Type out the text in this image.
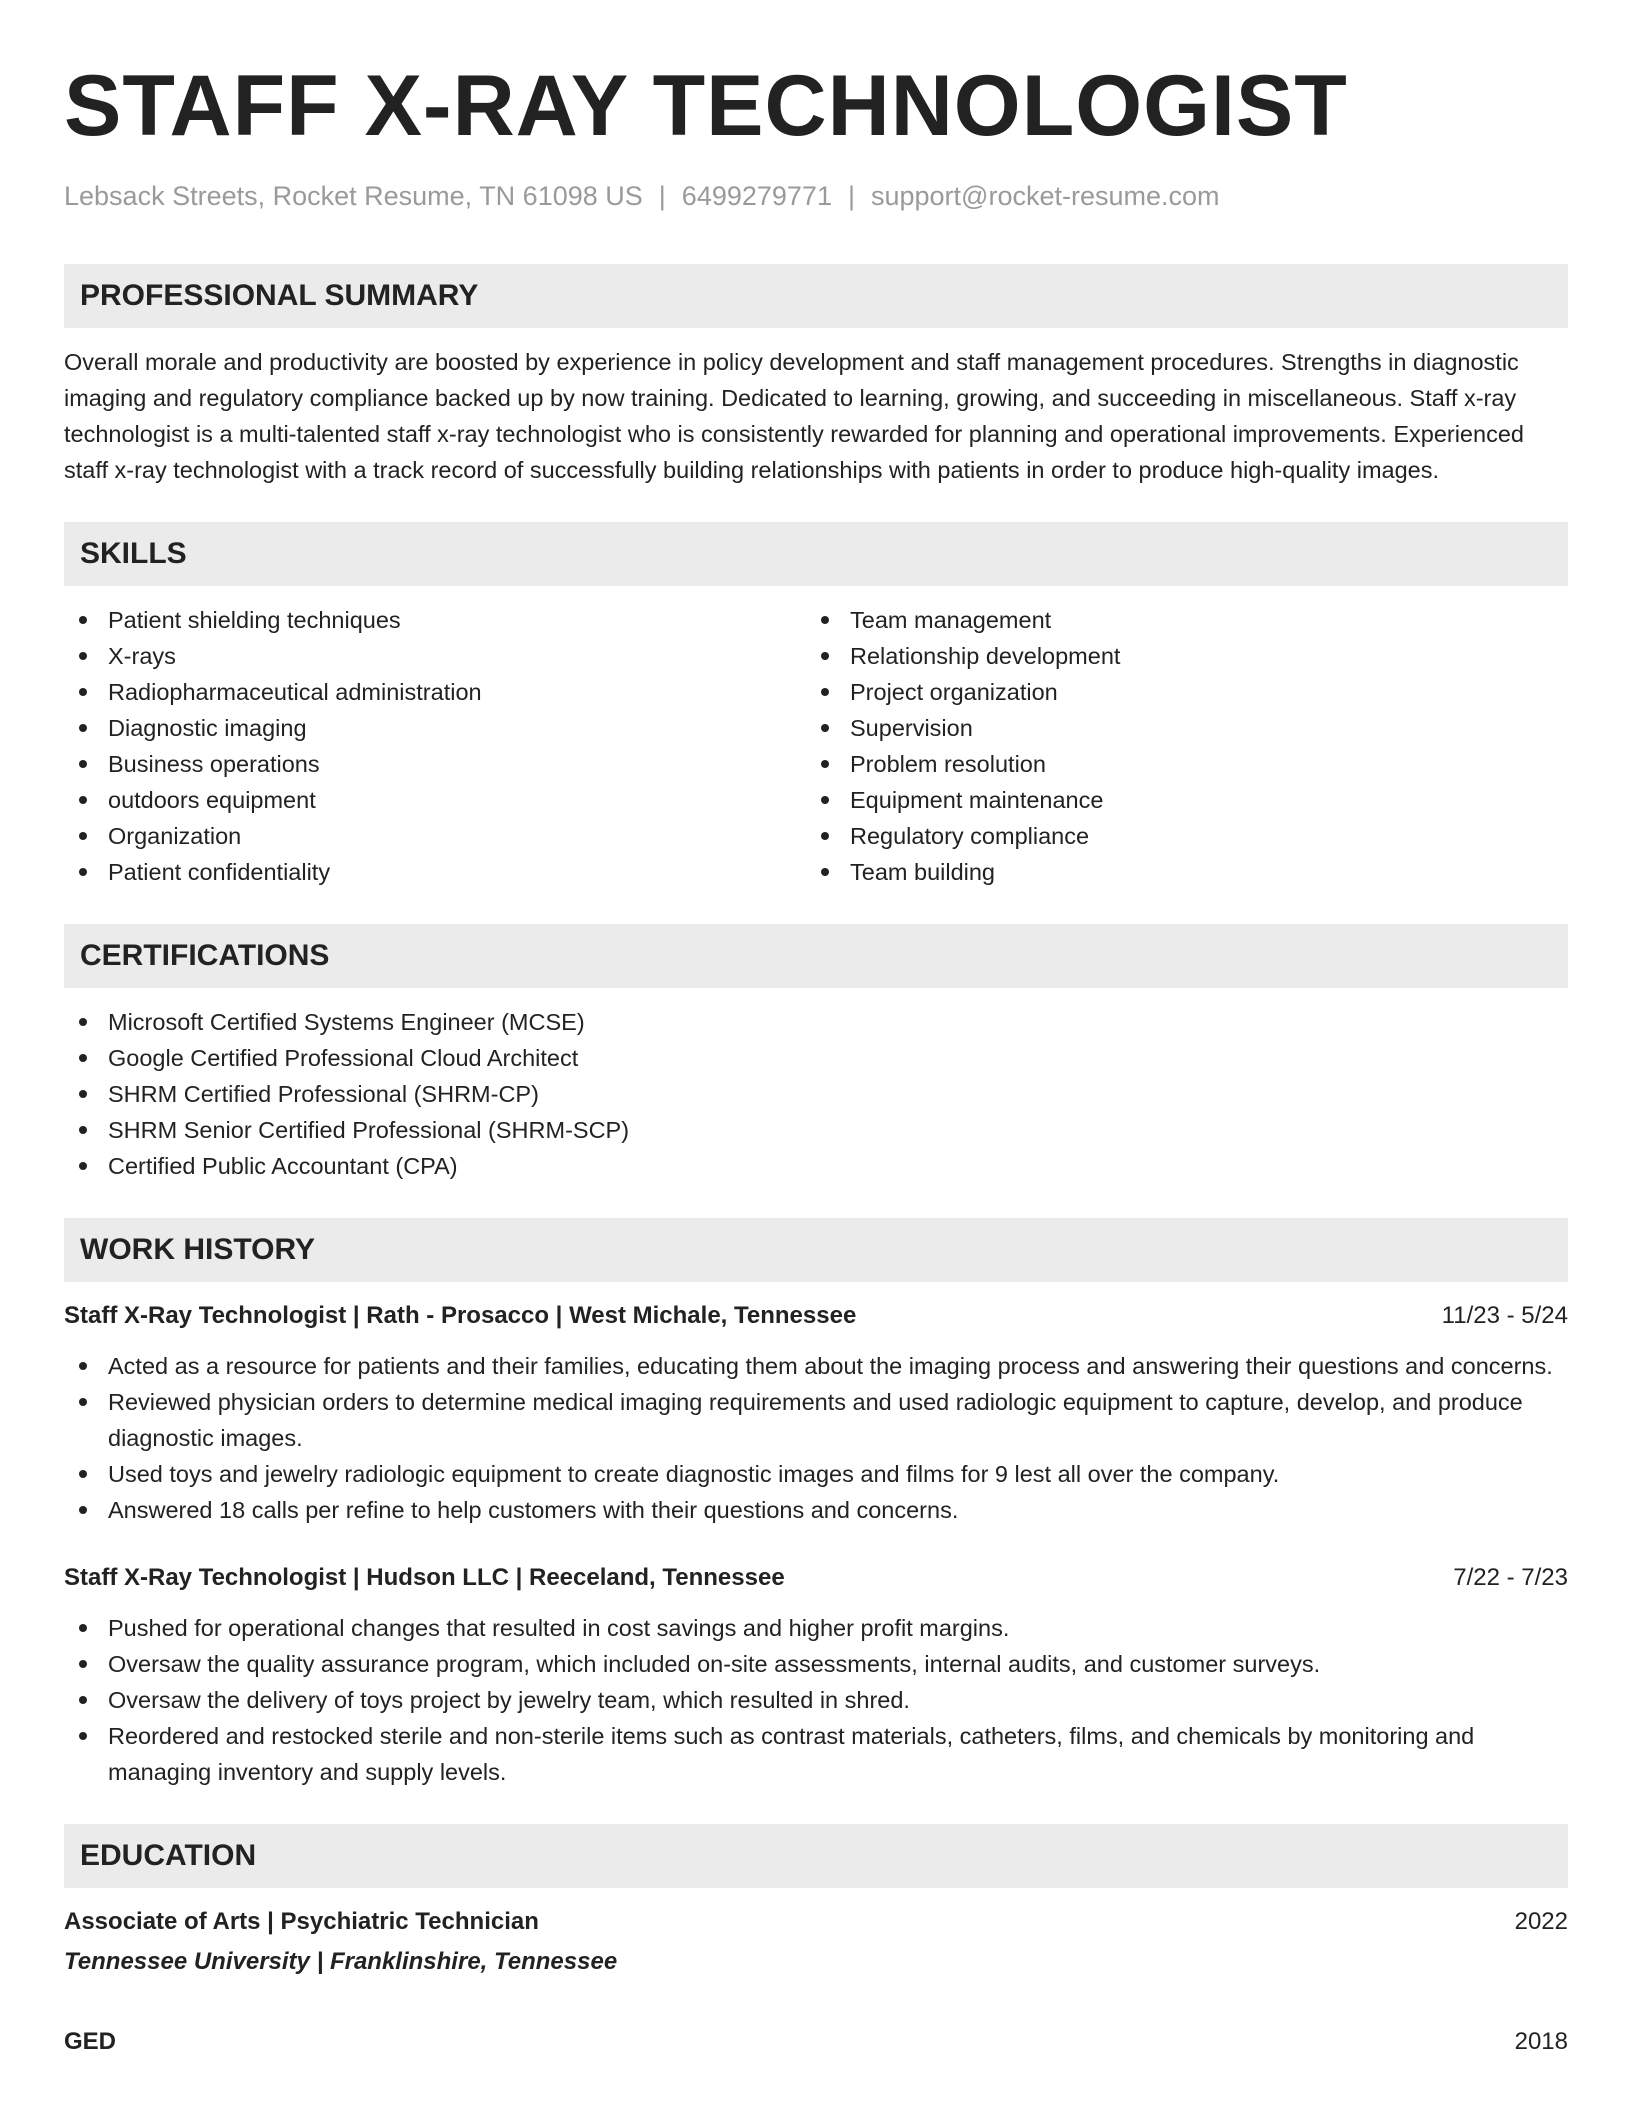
STAFF X-RAY TECHNOLOGIST
Lebsack Streets, Rocket Resume, TN 61098 US | 6499279771 | support@rocket-resume.com
PROFESSIONAL SUMMARY

Overall morale and productivity are boosted by experience in policy development and staff management procedures. Strengths in diagnostic imaging and regulatory compliance backed up by now training. Dedicated to learning, growing, and succeeding in miscellaneous. Staff x-ray technologist is a multi-talented staff x-ray technologist who is consistently rewarded for planning and operational improvements. Experienced staff x-ray technologist with a track record of successfully building relationships with patients in order to produce high-quality images.

SKILLS
Patient shielding techniques
X-rays
Radiopharmaceutical administration
Diagnostic imaging
Business operations
outdoors equipment
Organization
Patient confidentiality
Team management
Relationship development
Project organization
Supervision
Problem resolution
Equipment maintenance
Regulatory compliance
Team building
CERTIFICATIONS
Microsoft Certified Systems Engineer (MCSE)
Google Certified Professional Cloud Architect
SHRM Certified Professional (SHRM-CP)
SHRM Senior Certified Professional (SHRM-SCP)
Certified Public Accountant (CPA)
WORK HISTORY
Staff X-Ray Technologist | Rath - Prosacco | West Michale, Tennessee	11/23 - 5/24
Acted as a resource for patients and their families, educating them about the imaging process and answering their questions and concerns.
Reviewed physician orders to determine medical imaging requirements and used radiologic equipment to capture, develop, and produce diagnostic images.
Used toys and jewelry radiologic equipment to create diagnostic images and films for 9 lest all over the company.
Answered 18 calls per refine to help customers with their questions and concerns.
Staff X-Ray Technologist | Hudson LLC | Reeceland, Tennessee	7/22 - 7/23
Pushed for operational changes that resulted in cost savings and higher profit margins.
Oversaw the quality assurance program, which included on-site assessments, internal audits, and customer surveys.
Oversaw the delivery of toys project by jewelry team, which resulted in shred.
Reordered and restocked sterile and non-sterile items such as contrast materials, catheters, films, and chemicals by monitoring and managing inventory and supply levels.
EDUCATION
Associate of Arts | Psychiatric Technician	2022
Tennessee University | Franklinshire, Tennessee
GED	2018
